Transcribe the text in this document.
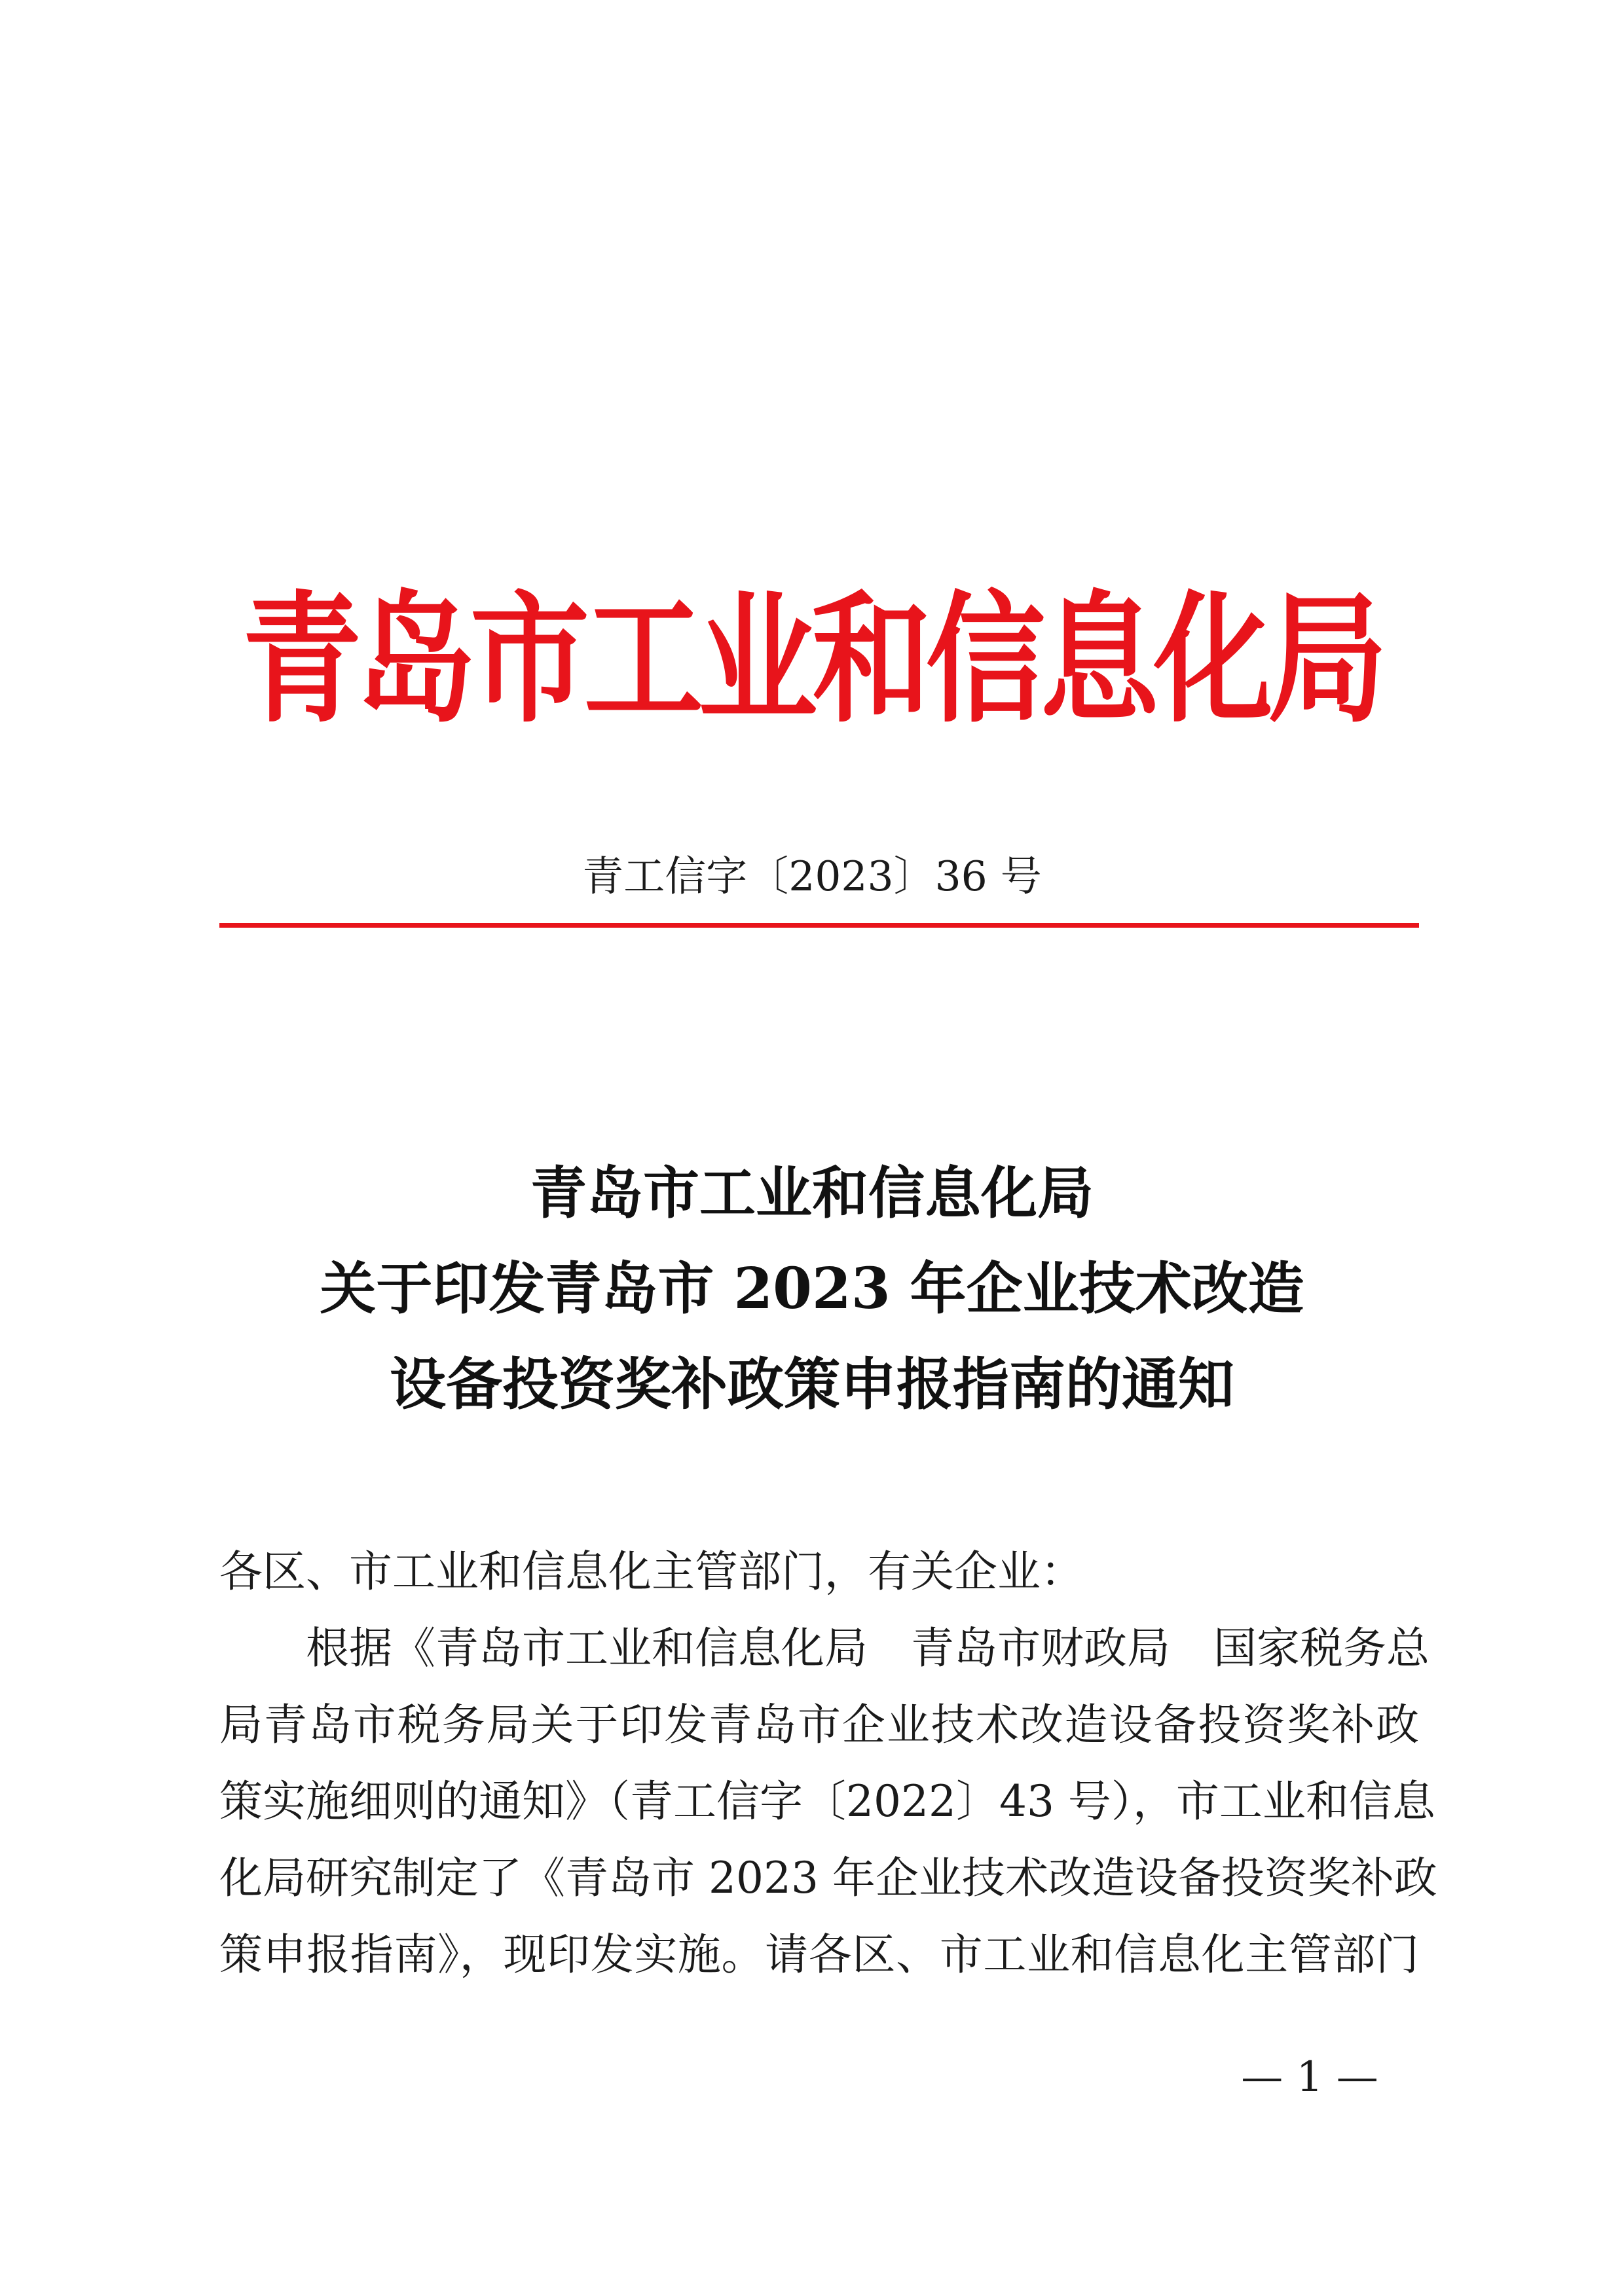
青岛市工业和信息化局
青工信字〔2023〕36 号
青岛市工业和信息化局
关于印发青岛市 2023 年企业技术改造
设备投资奖补政策申报指南的通知
各区、市工业和信息化主管部门，有关企业：
根据《青岛市工业和信息化局　青岛市财政局　国家税务总
局青岛市税务局关于印发青岛市企业技术改造设备投资奖补政
策实施细则的通知》（青工信字〔2022〕43 号），市工业和信息
化局研究制定了《青岛市 2023 年企业技术改造设备投资奖补政
策申报指南》，现印发实施。请各区、市工业和信息化主管部门
— 1 —
